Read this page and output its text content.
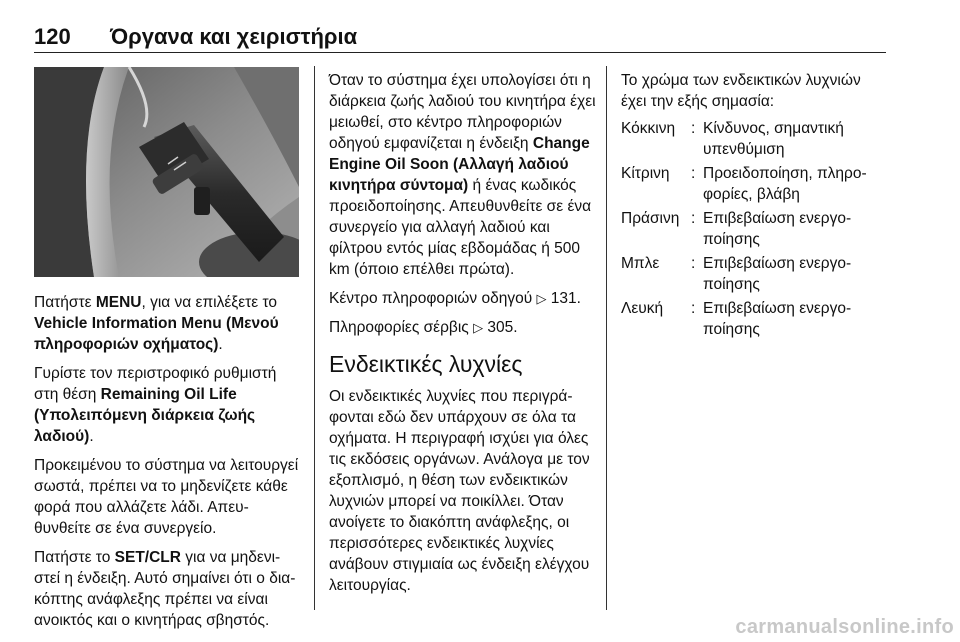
120 Όργανα και χειριστήρια

Πατήστε MENU, για να επιλέξετε το Vehicle Information Menu (Μενού πληροφοριών οχήματος).

Γυρίστε τον περιστροφικό ρυθμιστή στη θέση Remaining Oil Life (Υπολειπόμενη διάρκεια ζωής λαδιού).

Προκειμένου το σύστημα να λειτουργεί σωστά, πρέπει να το μηδενίζετε κάθε φορά που αλλάζετε λάδι. Απευθυνθείτε σε ένα συνεργείο.

Πατήστε το SET/CLR για να μηδενιστεί η ένδειξη. Αυτό σημαίνει ότι ο διακόπτης ανάφλεξης πρέπει να είναι ανοικτός και ο κινητήρας σβηστός.

Όταν το σύστημα έχει υπολογίσει ότι η διάρκεια ζωής λαδιού του κινητήρα έχει μειωθεί, στο κέντρο πληροφοριών οδηγού εμφανίζεται η ένδειξη Change Engine Oil Soon (Αλλαγή λαδιού κινητήρα σύντομα) ή ένας κωδικός προειδοποίησης. Απευθυνθείτε σε ένα συνεργείο για αλλαγή λαδιού και φίλτρου εντός μίας εβδομάδας ή 500 km (όποιο επέλθει πρώτα).

Κέντρο πληροφοριών οδηγού ▷ 131.

Πληροφορίες σέρβις ▷ 305.

Ενδεικτικές λυχνίες

Οι ενδεικτικές λυχνίες που περιγράφονται εδώ δεν υπάρχουν σε όλα τα οχήματα. Η περιγραφή ισχύει για όλες τις εκδόσεις οργάνων. Ανάλογα με τον εξοπλισμό, η θέση των ενδεικτικών λυχνιών μπορεί να ποικίλλει. Όταν ανοίγετε το διακόπτη ανάφλεξης, οι περισσότερες ενδεικτικές λυχνίες ανάβουν στιγμιαία ως ένδειξη ελέγχου λειτουργίας.

Το χρώμα των ενδεικτικών λυχνιών έχει την εξής σημασία:

Κόκκινη	: Κίνδυνος, σημαντική υπενθύμιση
Κίτρινη	: Προειδοποίηση, πληροφορίες, βλάβη
Πράσινη : Επιβεβαίωση ενεργοποίησης
Μπλε	: Επιβεβαίωση ενεργοποίησης
Λευκή	: Επιβεβαίωση ενεργοποίησης
carmanualsonline.info
